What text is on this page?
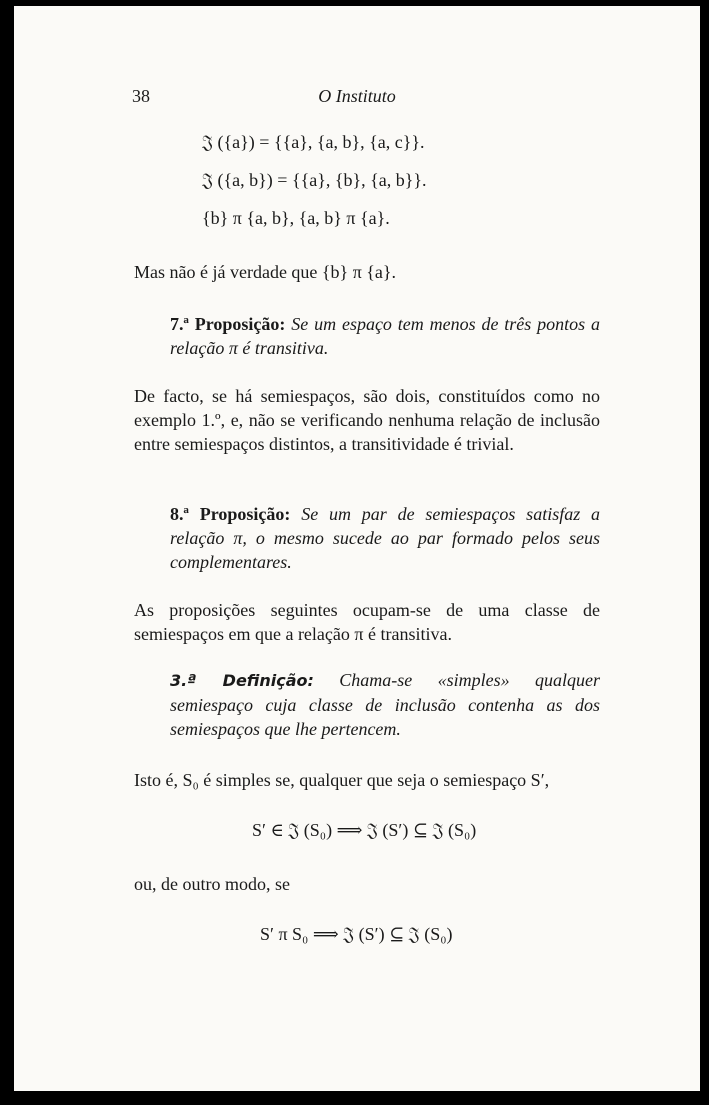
38	O Instituto
𝔍 ({a}) = {{a}, {a, b}, {a, c}}.
𝔍 ({a, b}) = {{a}, {b}, {a, b}}.
{b} π {a, b}, {a, b} π {a}.
Mas não é já verdade que {b} π {a}.
7.ª Proposição: Se um espaço tem menos de três pontos a relação π é transitiva.
De facto, se há semiespaços, são dois, constituídos como no exemplo 1.º, e, não se verificando nenhuma relação de inclusão entre semiespaços distintos, a transitividade é trivial.
8.ª Proposição: Se um par de semiespaços satisfaz a relação π, o mesmo sucede ao par formado pelos seus complementares.
As proposições seguintes ocupam-se de uma classe de semiespaços em que a relação π é transitiva.
3.ª Definição: Chama-se «simples» qualquer semiespaço cuja classe de inclusão contenha as dos semiespaços que lhe pertencem.
Isto é, S₀ é simples se, qualquer que seja o semiespaço S′,
S′ ∈ 𝔍 (S₀) ⟹ 𝔍 (S′) ⊆ 𝔍 (S₀)
ou, de outro modo, se
S′ π S₀ ⟹ 𝔍 (S′) ⊆ 𝔍 (S₀)
